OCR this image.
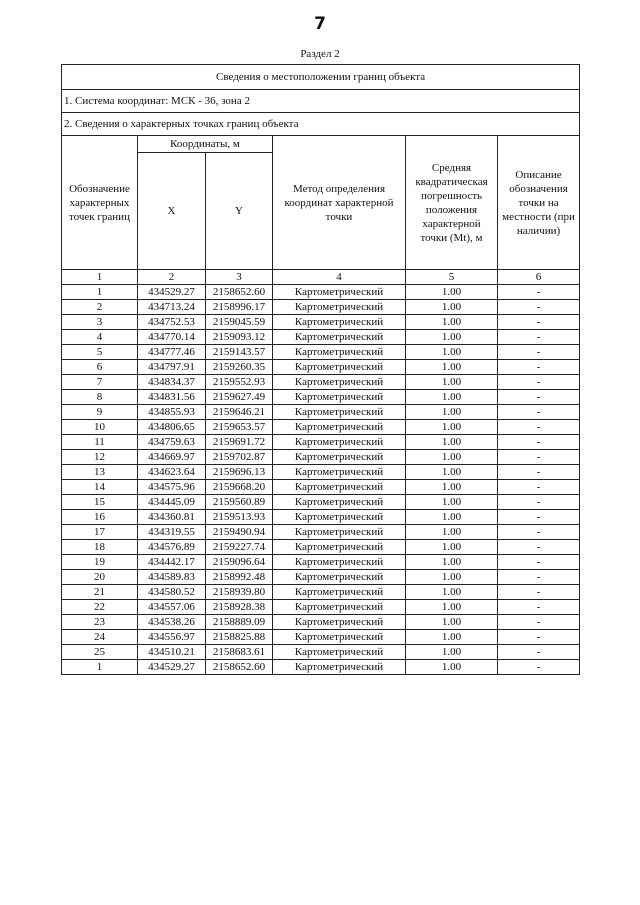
7
Раздел 2
Сведения о местоположении границ объекта					
1. Система координат: МСК - 36, зона 2					
2. Сведения о характерных точках границ объекта					
Обозначение характерных точек границ	Координаты, м		Метод определения координат характерной точки	Средняя квадратическая погрешность положения характерной точки (Mt), м	Описание обозначения точки на местности (при наличии)
	X	Y			
1	2	3	4	5	6
1	434529.27	2158652.60	Картометрический	1.00	-
2	434713.24	2158996.17	Картометрический	1.00	-
3	434752.53	2159045.59	Картометрический	1.00	-
4	434770.14	2159093.12	Картометрический	1.00	-
5	434777.46	2159143.57	Картометрический	1.00	-
6	434797.91	2159260.35	Картометрический	1.00	-
7	434834.37	2159552.93	Картометрический	1.00	-
8	434831.56	2159627.49	Картометрический	1.00	-
9	434855.93	2159646.21	Картометрический	1.00	-
10	434806.65	2159653.57	Картометрический	1.00	-
11	434759.63	2159691.72	Картометрический	1.00	-
12	434669.97	2159702.87	Картометрический	1.00	-
13	434623.64	2159696.13	Картометрический	1.00	-
14	434575.96	2159668.20	Картометрический	1.00	-
15	434445.09	2159560.89	Картометрический	1.00	-
16	434360.81	2159513.93	Картометрический	1.00	-
17	434319.55	2159490.94	Картометрический	1.00	-
18	434576.89	2159227.74	Картометрический	1.00	-
19	434442.17	2159096.64	Картометрический	1.00	-
20	434589.83	2158992.48	Картометрический	1.00	-
21	434580.52	2158939.80	Картометрический	1.00	-
22	434557.06	2158928.38	Картометрический	1.00	-
23	434538.26	2158889.09	Картометрический	1.00	-
24	434556.97	2158825.88	Картометрический	1.00	-
25	434510.21	2158683.61	Картометрический	1.00	-
1	434529.27	2158652.60	Картометрический	1.00	-
